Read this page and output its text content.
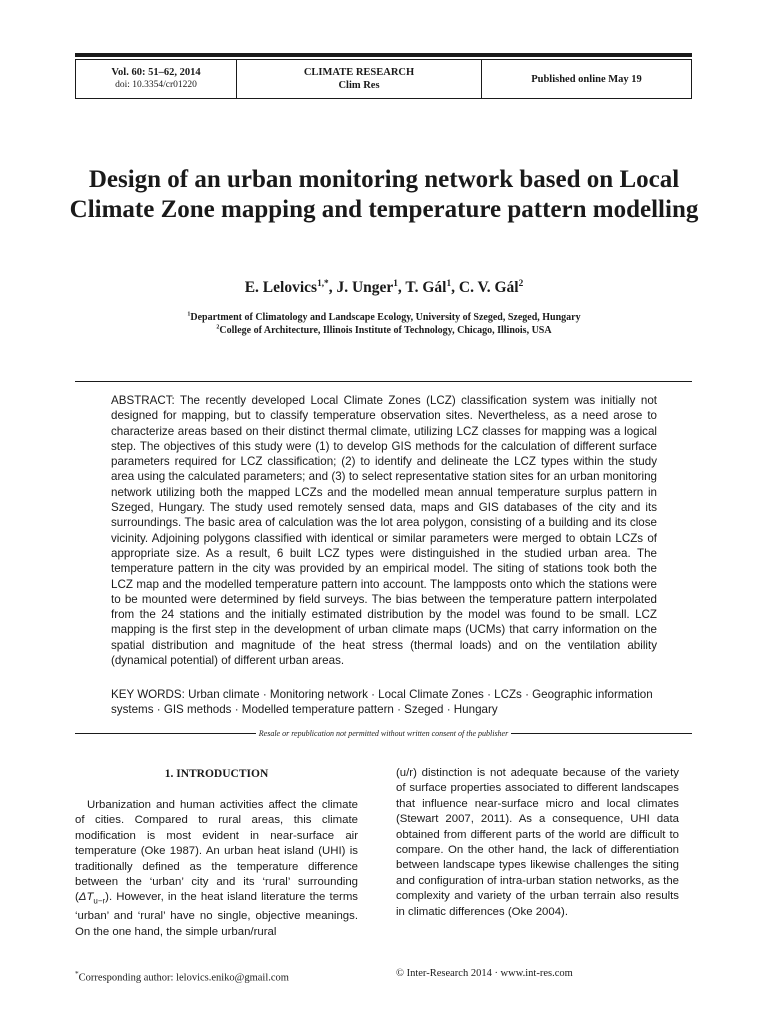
Vol. 60: 51–62, 2014
doi: 10.3354/cr01220
CLIMATE RESEARCH
Clim Res
Published online May 19
Design of an urban monitoring network based on Local Climate Zone mapping and temperature pattern modelling
E. Lelovics$^{1,*}$, J. Unger$^1$, T. Gál$^1$, C. V. Gál$^2$
$^1$Department of Climatology and Landscape Ecology, University of Szeged, Szeged, Hungary
$^2$College of Architecture, Illinois Institute of Technology, Chicago, Illinois, USA

ABSTRACT: The recently developed Local Climate Zones (LCZ) classification system was initially not designed for mapping, but to classify temperature observation sites. Nevertheless, as a need arose to characterize areas based on their distinct thermal climate, utilizing LCZ classes for mapping was a logical step. The objectives of this study were (1) to develop GIS methods for the calculation of different surface parameters required for LCZ classification; (2) to identify and delineate the LCZ types within the study area using the calculated parameters; and (3) to select representative station sites for an urban monitoring network utilizing both the mapped LCZs and the modelled mean annual temperature surplus pattern in Szeged, Hungary. The study used remotely sensed data, maps and GIS databases of the city and its surroundings. The basic area of calculation was the lot area polygon, consisting of a building and its close vicinity. Adjoining polygons classified with identical or similar parameters were merged to obtain LCZs of appropriate size. As a result, 6 built LCZ types were distinguished in the studied urban area. The temperature pattern in the city was provided by an empirical model. The siting of stations took both the LCZ map and the modelled temperature pattern into account. The lampposts onto which the stations were to be mounted were determined by field surveys. The bias between the temperature pattern interpolated from the 24 stations and the initially estimated distribution by the model was found to be small. LCZ mapping is the first step in the development of urban climate maps (UCMs) that carry information on the spatial distribution and magnitude of the heat stress (thermal loads) and on the ventilation ability (dynamical potential) of different urban areas.

KEY WORDS: Urban climate · Monitoring network · Local Climate Zones · LCZs · Geographic information systems · GIS methods · Modelled temperature pattern · Szeged · Hungary

Resale or republication not permitted without written consent of the publisher
1. INTRODUCTION

Urbanization and human activities affect the climate of cities. Compared to rural areas, this climate modification is most evident in near-surface air temperature (Oke 1987). An urban heat island (UHI) is traditionally defined as the temperature difference between the ‘urban’ city and its ‘rural’ surrounding $(\Delta T_{u-r})$. However, in the heat island literature the terms ‘urban’ and ‘rural’ have no single, objective meanings. On the one hand, the simple urban/rural

(u/r) distinction is not adequate because of the variety of surface properties associated to different landscapes that influence near-surface micro and local climates (Stewart 2007, 2011). As a consequence, UHI data obtained from different parts of the world are difficult to compare. On the other hand, the lack of differentiation between landscape types likewise challenges the siting and configuration of intra-urban station networks, as the complexity and variety of the urban terrain also results in climatic differences (Oke 2004).

*Corresponding author: lelovics.eniko@gmail.com	© Inter-Research 2014 · www.int-res.com
